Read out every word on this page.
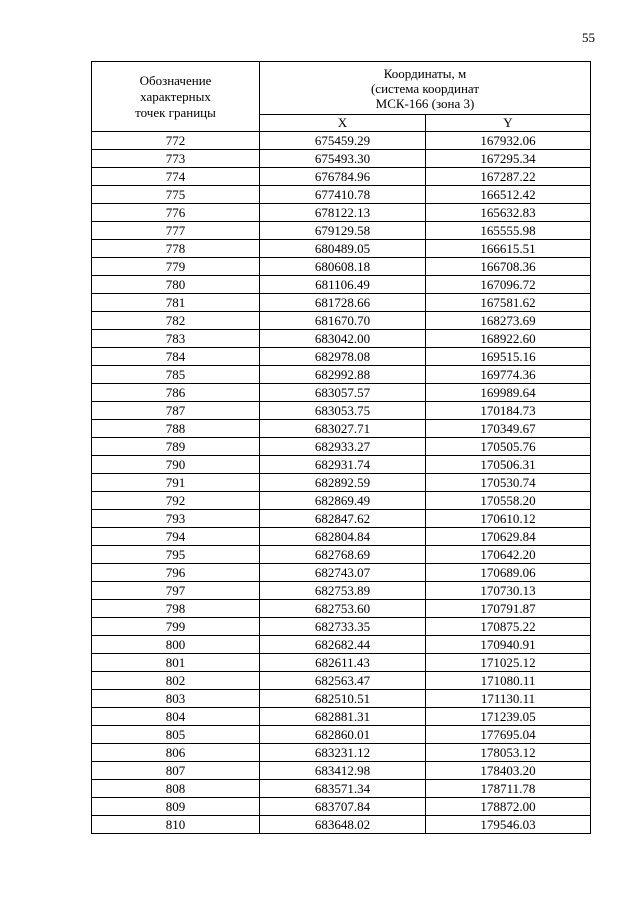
55
Обозначение
характерных
точек границы	Координаты, м
(система координат
МСК-166 (зона 3)	

	X	Y
772	675459.29	167932.06
773	675493.30	167295.34
774	676784.96	167287.22
775	677410.78	166512.42
776	678122.13	165632.83
777	679129.58	165555.98
778	680489.05	166615.51
779	680608.18	166708.36
780	681106.49	167096.72
781	681728.66	167581.62
782	681670.70	168273.69
783	683042.00	168922.60
784	682978.08	169515.16
785	682992.88	169774.36
786	683057.57	169989.64
787	683053.75	170184.73
788	683027.71	170349.67
789	682933.27	170505.76
790	682931.74	170506.31
791	682892.59	170530.74
792	682869.49	170558.20
793	682847.62	170610.12
794	682804.84	170629.84
795	682768.69	170642.20
796	682743.07	170689.06
797	682753.89	170730.13
798	682753.60	170791.87
799	682733.35	170875.22
800	682682.44	170940.91
801	682611.43	171025.12
802	682563.47	171080.11
803	682510.51	171130.11
804	682881.31	171239.05
805	682860.01	177695.04
806	683231.12	178053.12
807	683412.98	178403.20
808	683571.34	178711.78
809	683707.84	178872.00
810	683648.02	179546.03
